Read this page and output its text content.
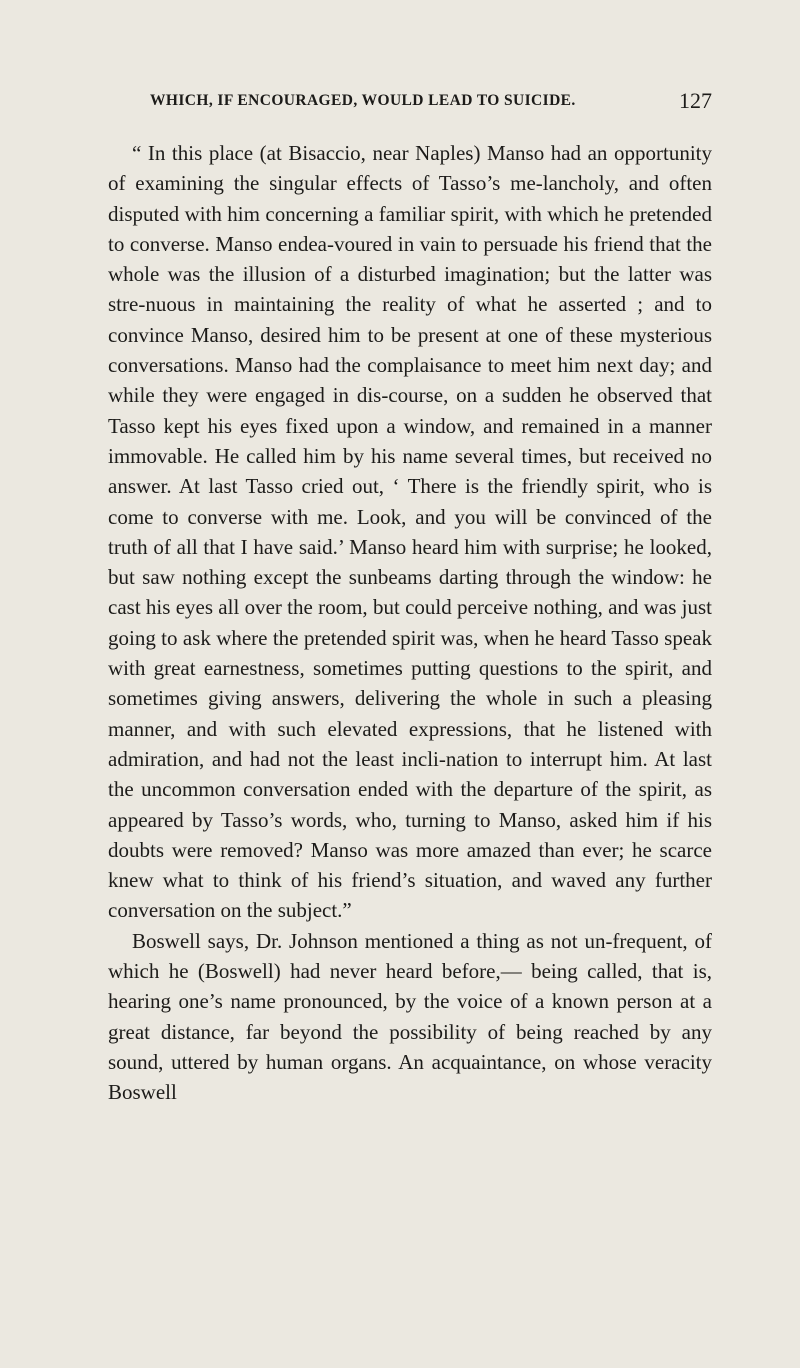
WHICH, IF ENCOURAGED, WOULD LEAD TO SUICIDE.	127

“ In this place (at Bisaccio, near Naples) Manso had an opportunity of examining the singular effects of Tasso’s me-lancholy, and often disputed with him concerning a familiar spirit, with which he pretended to converse. Manso endea-voured in vain to persuade his friend that the whole was the illusion of a disturbed imagination; but the latter was stre-nuous in maintaining the reality of what he asserted ; and to convince Manso, desired him to be present at one of these mysterious conversations. Manso had the complaisance to meet him next day; and while they were engaged in dis-course, on a sudden he observed that Tasso kept his eyes fixed upon a window, and remained in a manner immovable. He called him by his name several times, but received no answer. At last Tasso cried out, ‘ There is the friendly spirit, who is come to converse with me. Look, and you will be convinced of the truth of all that I have said.’ Manso heard him with surprise; he looked, but saw nothing except the sunbeams darting through the window: he cast his eyes all over the room, but could perceive nothing, and was just going to ask where the pretended spirit was, when he heard Tasso speak with great earnestness, sometimes putting questions to the spirit, and sometimes giving answers, delivering the whole in such a pleasing manner, and with such elevated expressions, that he listened with admiration, and had not the least incli-nation to interrupt him. At last the uncommon conversation ended with the departure of the spirit, as appeared by Tasso’s words, who, turning to Manso, asked him if his doubts were removed? Manso was more amazed than ever; he scarce knew what to think of his friend’s situation, and waved any further conversation on the subject.”

Boswell says, Dr. Johnson mentioned a thing as not un-frequent, of which he (Boswell) had never heard before,— being called, that is, hearing one’s name pronounced, by the voice of a known person at a great distance, far beyond the possibility of being reached by any sound, uttered by human organs. An acquaintance, on whose veracity Boswell
